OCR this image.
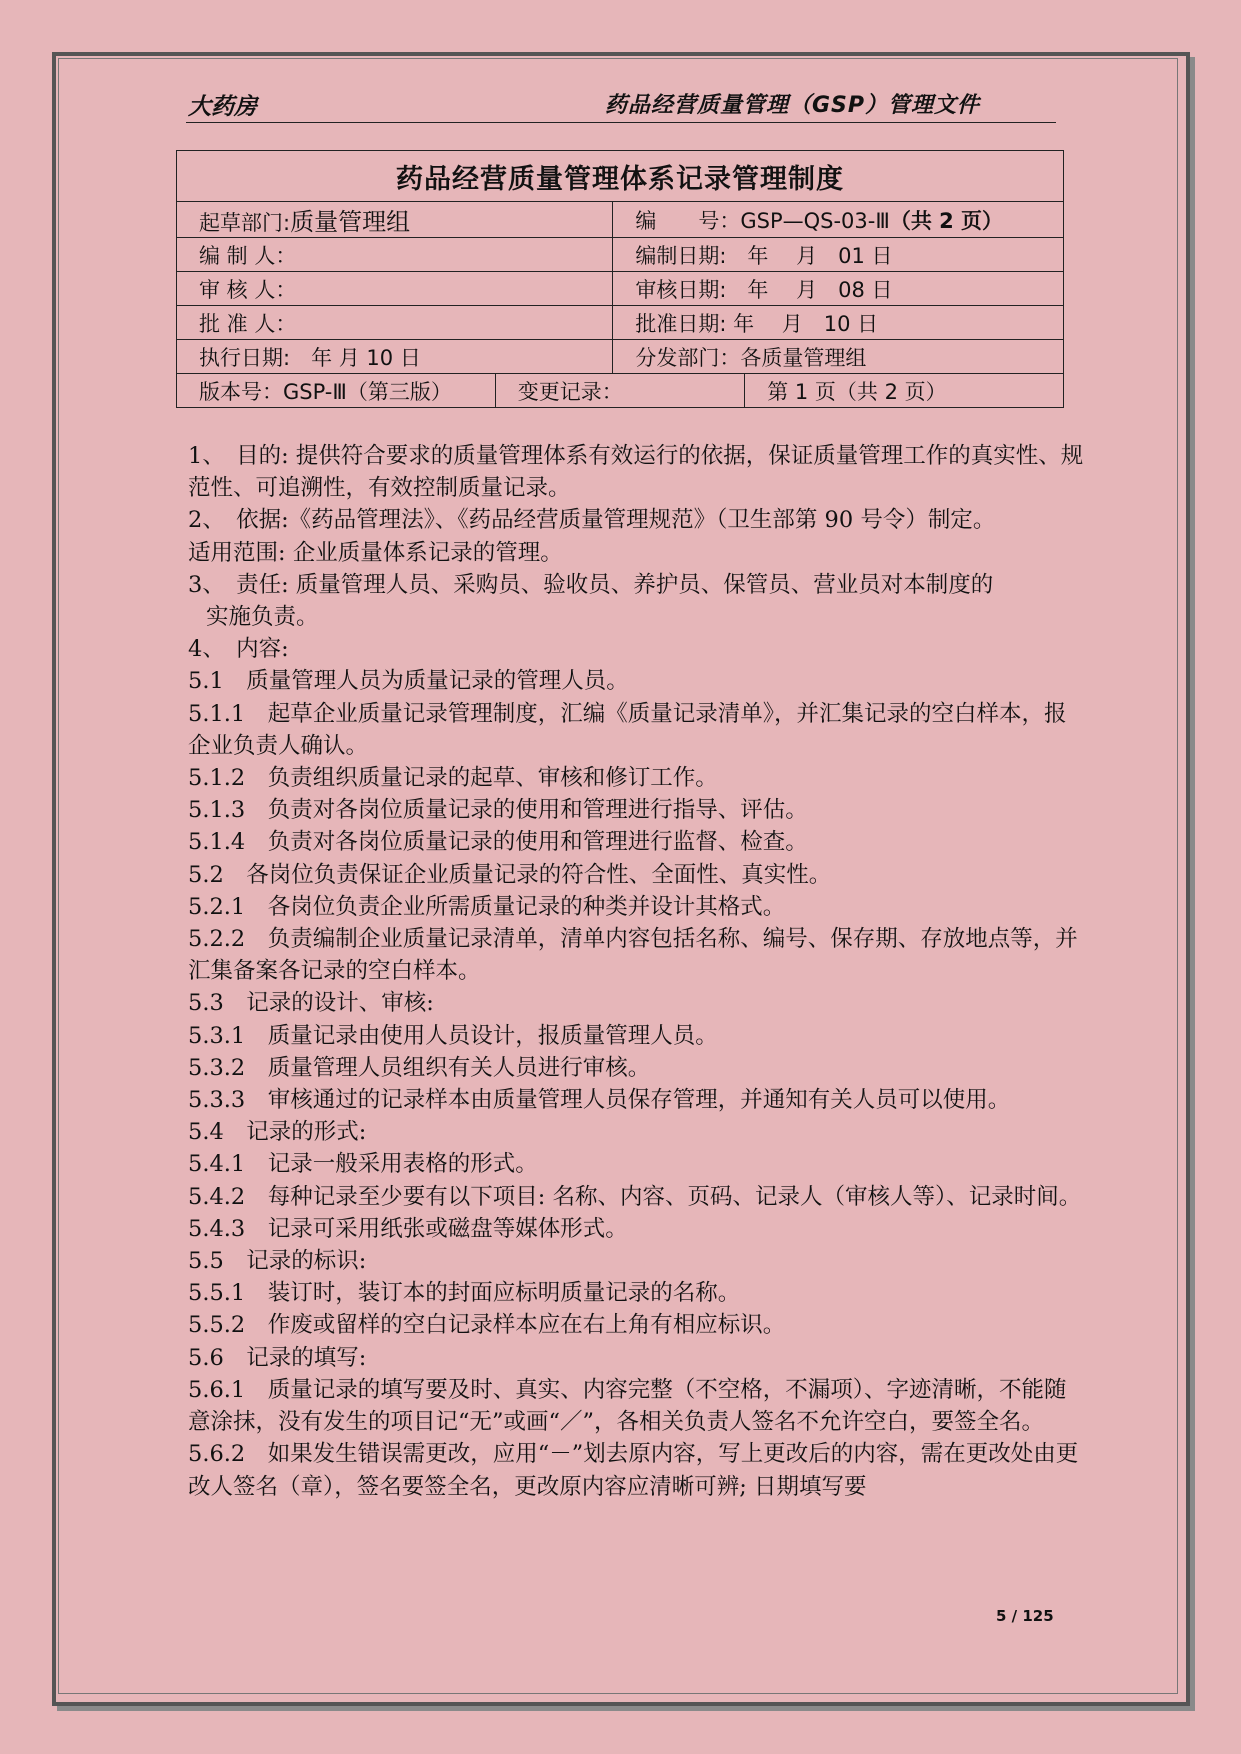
大药房	药品经营质量管理（GSP）管理文件
药品经营质量管理体系记录管理制度			
起草部门:质量管理组		编　　号：GSP—QS-03-Ⅲ（共 2 页）	
编 制 人：		编制日期:　年　 月　01 日	
审 核 人：		审核日期:　年　 月　08 日	
批 准 人：		批准日期: 年　 月　10 日	
执行日期:　年 月 10 日		分发部门：各质量管理组	
版本号：GSP-Ⅲ（第三版）	变更记录：		第 1 页（共 2 页）

1、　目的: 提供符合要求的质量管理体系有效运行的依据，保证质量管理工作的真实性、规范性、可追溯性，有效控制质量记录。

2、　依据:《药品管理法》、《药品经营质量管理规范》（卫生部第 90 号令）制定。

适用范围: 企业质量体系记录的管理。

3、　责任: 质量管理人员、采购员、验收员、养护员、保管员、营业员对本制度的

实施负责。

4、　内容:

5.1　质量管理人员为质量记录的管理人员。

5.1.1　起草企业质量记录管理制度，汇编《质量记录清单》，并汇集记录的空白样本，报企业负责人确认。

5.1.2　负责组织质量记录的起草、审核和修订工作。

5.1.3　负责对各岗位质量记录的使用和管理进行指导、评估。

5.1.4　负责对各岗位质量记录的使用和管理进行监督、检查。

5.2　各岗位负责保证企业质量记录的符合性、全面性、真实性。

5.2.1　各岗位负责企业所需质量记录的种类并设计其格式。

5.2.2　负责编制企业质量记录清单，清单内容包括名称、编号、保存期、存放地点等，并汇集备案各记录的空白样本。

5.3　记录的设计、审核:

5.3.1　质量记录由使用人员设计，报质量管理人员。

5.3.2　质量管理人员组织有关人员进行审核。

5.3.3　审核通过的记录样本由质量管理人员保存管理，并通知有关人员可以使用。

5.4　记录的形式:

5.4.1　记录一般采用表格的形式。

5.4.2　每种记录至少要有以下项目: 名称、内容、页码、记录人（审核人等）、记录时间。

5.4.3　记录可采用纸张或磁盘等媒体形式。

5.5　记录的标识:

5.5.1　装订时，装订本的封面应标明质量记录的名称。

5.5.2　作废或留样的空白记录样本应在右上角有相应标识。

5.6　记录的填写:

5.6.1　质量记录的填写要及时、真实、内容完整（不空格，不漏项）、字迹清晰，不能随意涂抹，没有发生的项目记“无”或画“／”，各相关负责人签名不允许空白，要签全名。

5.6.2　如果发生错误需更改，应用“－”划去原内容，写上更改后的内容，需在更改处由更改人签名（章），签名要签全名，更改原内容应清晰可辨; 日期填写要

5 / 125
